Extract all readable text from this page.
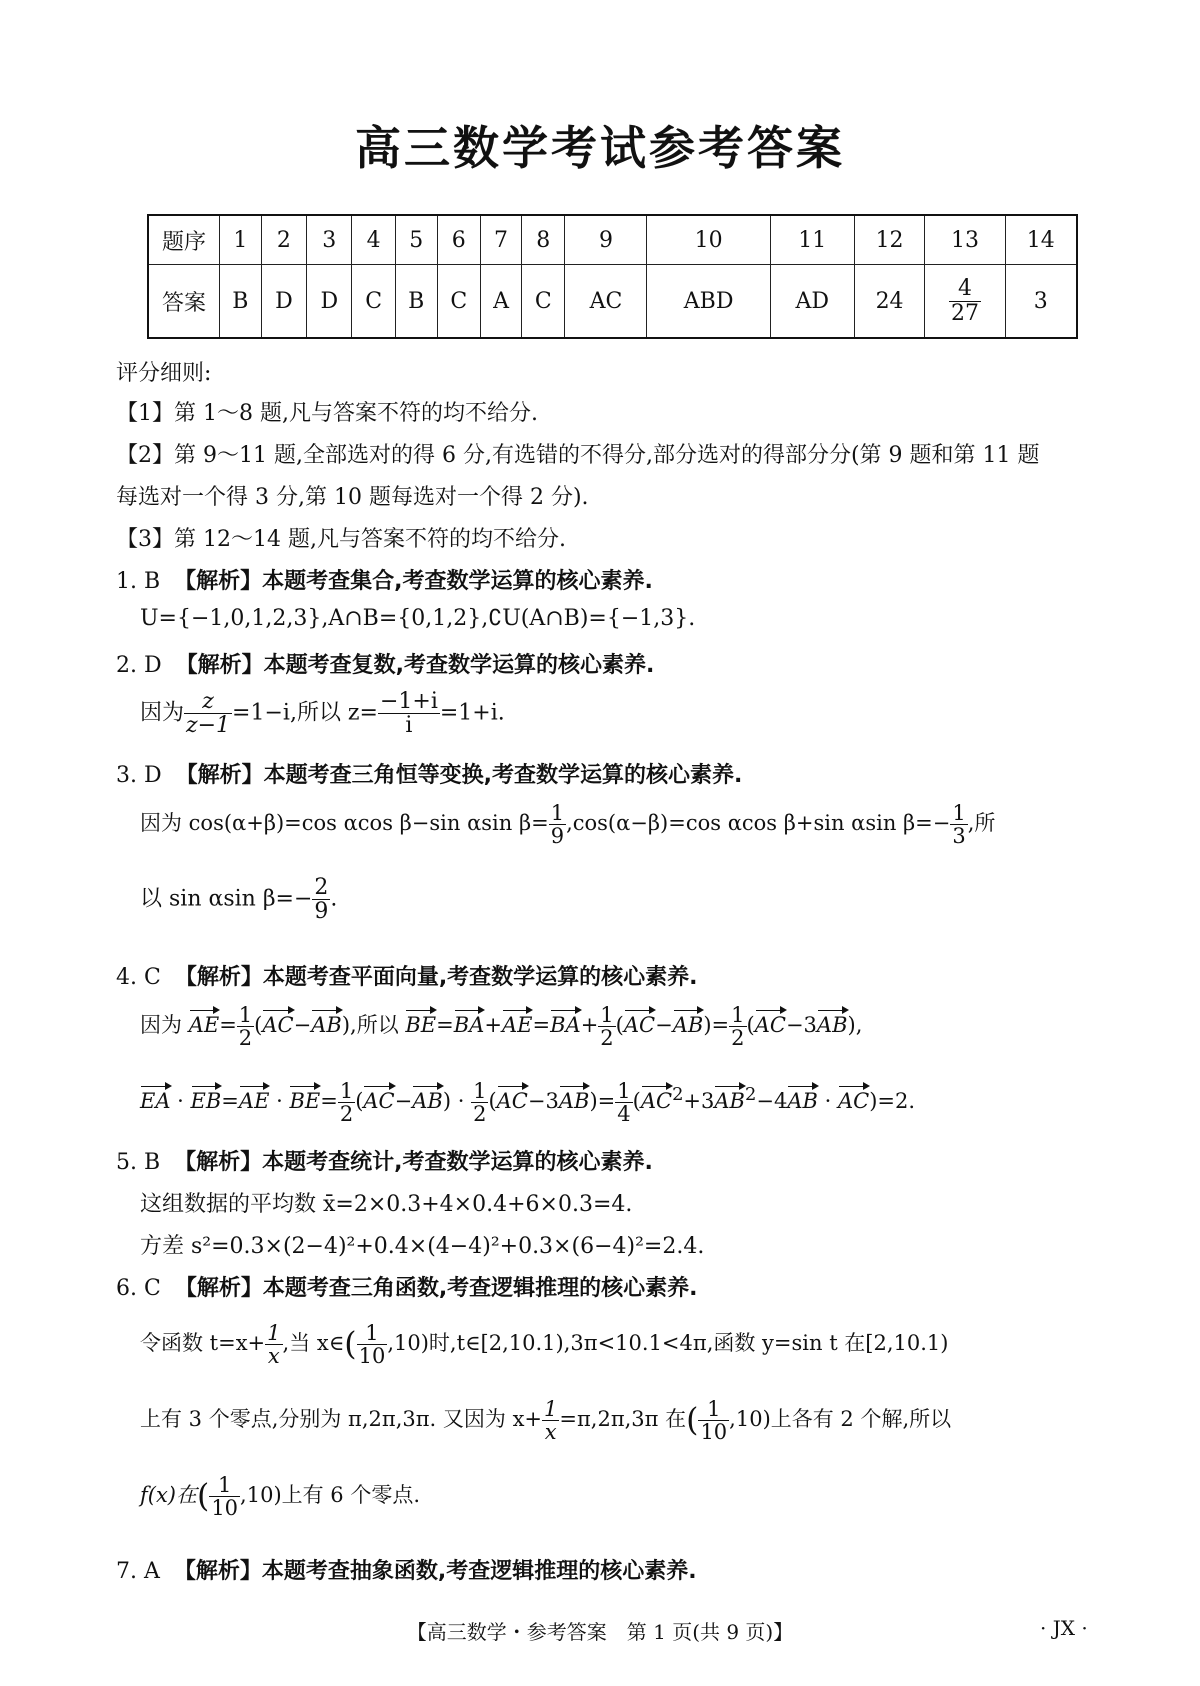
高三数学考试参考答案
题序	1	2	3	4	5	6	7	8	9	10	11	12	13	14
答案	B	D	D	C	B	C	A	C	AC	ABD	AD	24	$\frac{4}{27}$	3
评分细则:
【1】第 1～8 题,凡与答案不符的均不给分.
【2】第 9～11 题,全部选对的得 6 分,有选错的不得分,部分选对的得部分分(第 9 题和第 11 题
每选对一个得 3 分,第 10 题每选对一个得 2 分).
【3】第 12～14 题,凡与答案不符的均不给分.
1. B 【解析】本题考查集合,考查数学运算的核心素养.
U={−1,0,1,2,3},A∩B={0,1,2},∁U(A∩B)={−1,3}.
2. D 【解析】本题考查复数,考查数学运算的核心素养.
因为 $\frac{z}{z-1} =1-i$,所以 $z= \frac{-1+i}{i} =1+i$.
3. D 【解析】本题考查三角恒等变换,考查数学运算的核心素养.
因为 cos(α+β)=cos αcos β−sin αsin $\beta= \frac{1}{9} ,\cos(\alpha-\beta)=\cos$ αcos β+sin αsin $\beta=- \frac{1}{3}$ ,所
以 sin αsin $\beta=- \frac{2}{9}$ .
4. C 【解析】本题考查平面向量,考查数学运算的核心素养.
因为 $AE= \frac{1}{2} (AC-AB)$,所以 $BE=BA+AE=BA+ \frac{1}{2} (AC-AB)= \frac{1}{2} (AC-3AB)$,
EA · $EB=AE \cdot BE= \frac{1}{2} (AC-AB) \cdot \frac{1}{2} (AC-3AB)= \frac{1}{4} (AC^2+3AB^2-4AB \cdot AC)=2$.
5. B 【解析】本题考查统计,考查数学运算的核心素养.
这组数据的平均数 x̄=2×0.3+4×0.4+6×0.3=4.
方差 s²=0.3×(2−4)²+0.4×(4−4)²+0.3×(6−4)²=2.4.
6. C 【解析】本题考查三角函数,考查逻辑推理的核心素养.
令函数 $t=x+ \frac{1}{x}$ ,当 x∈( $\frac{1}{10} ,10$)时,t∈[2,10.1),3π<10.1<4π,函数 y=sin t 在[2,10.1)
上有 3 个零点,分别为 π,2π,3π. 又因为 $x+ \frac{1}{x} =\pi,2\pi,3\pi$ 在( $\frac{1}{10} ,10$)上各有 2 个解,所以
f(x)在( $\frac{1}{10} ,10$)上有 6 个零点.
7. A 【解析】本题考查抽象函数,考查逻辑推理的核心素养.
【高三数学・参考答案　第 1 页(共 9 页)】	· JX ·
